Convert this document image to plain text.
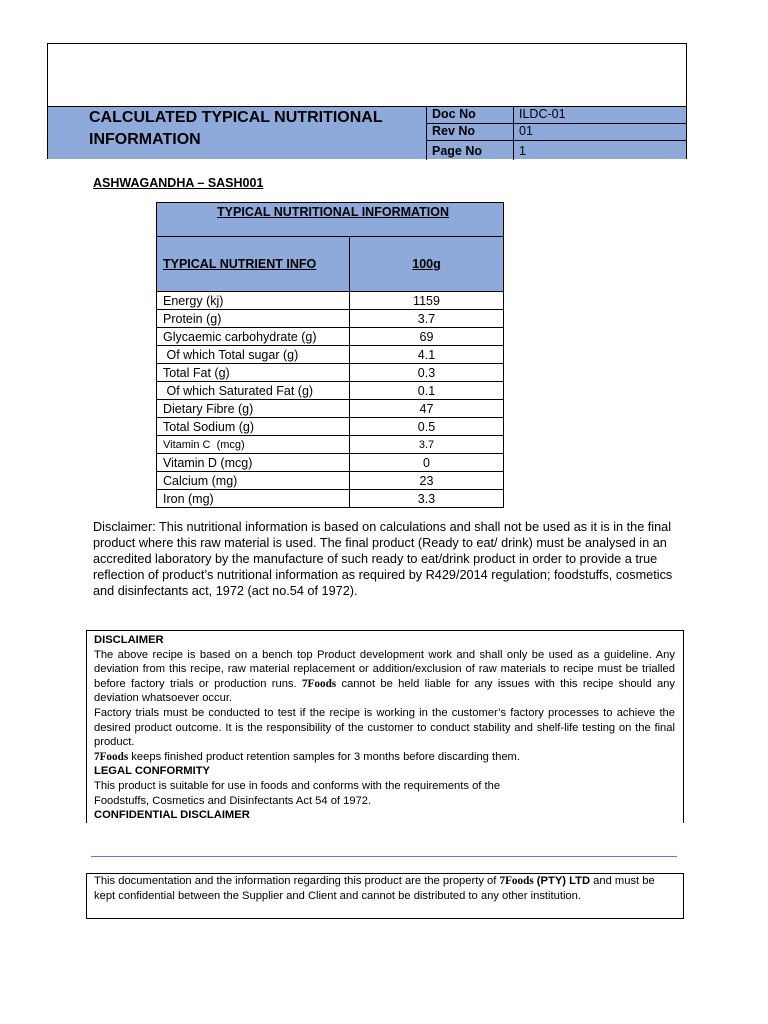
CALCULATED TYPICAL NUTRITIONAL INFORMATION
Doc No	ILDC-01
Rev No	01
Page No	1
ASHWAGANDHA – SASH001
TYPICAL NUTRITIONAL INFORMATION	
TYPICAL NUTRIENT INFO	100g
Energy (kj)	1159
Protein (g)	3.7
Glycaemic carbohydrate (g)	69
Of which Total sugar (g)	4.1
Total Fat (g)	0.3
Of which Saturated Fat (g)	0.1
Dietary Fibre (g)	47
Total Sodium (g)	0.5
Vitamin C  (mcg)	3.7
Vitamin D (mcg)	0
Calcium (mg)	23
Iron (mg)	3.3
Disclaimer: This nutritional information is based on calculations and shall not be used as it is in the final product where this raw material is used. The final product (Ready to eat/ drink) must be analysed in an accredited laboratory by the manufacture of such ready to eat/drink product in order to provide a true reflection of product’s nutritional information as required by R429/2014 regulation; foodstuffs, cosmetics and disinfectants act, 1972 (act no.54 of 1972).
DISCLAIMER
The above recipe is based on a bench top Product development work and shall only be used as a guideline. Any deviation from this recipe, raw material replacement or addition/exclusion of raw materials to recipe must be trialled before factory trials or production runs. 7Foods cannot be held liable for any issues with this recipe should any deviation whatsoever occur.
Factory trials must be conducted to test if the recipe is working in the customer’s factory processes to achieve the desired product outcome. It is the responsibility of the customer to conduct stability and shelf-life testing on the final product.
7Foods keeps finished product retention samples for 3 months before discarding them.
LEGAL CONFORMITY
This product is suitable for use in foods and conforms with the requirements of the
Foodstuffs, Cosmetics and Disinfectants Act 54 of 1972.
CONFIDENTIAL DISCLAIMER
This documentation and the information regarding this product are the property of 7Foods (PTY) LTD and must be kept confidential between the Supplier and Client and cannot be distributed to any other institution.
